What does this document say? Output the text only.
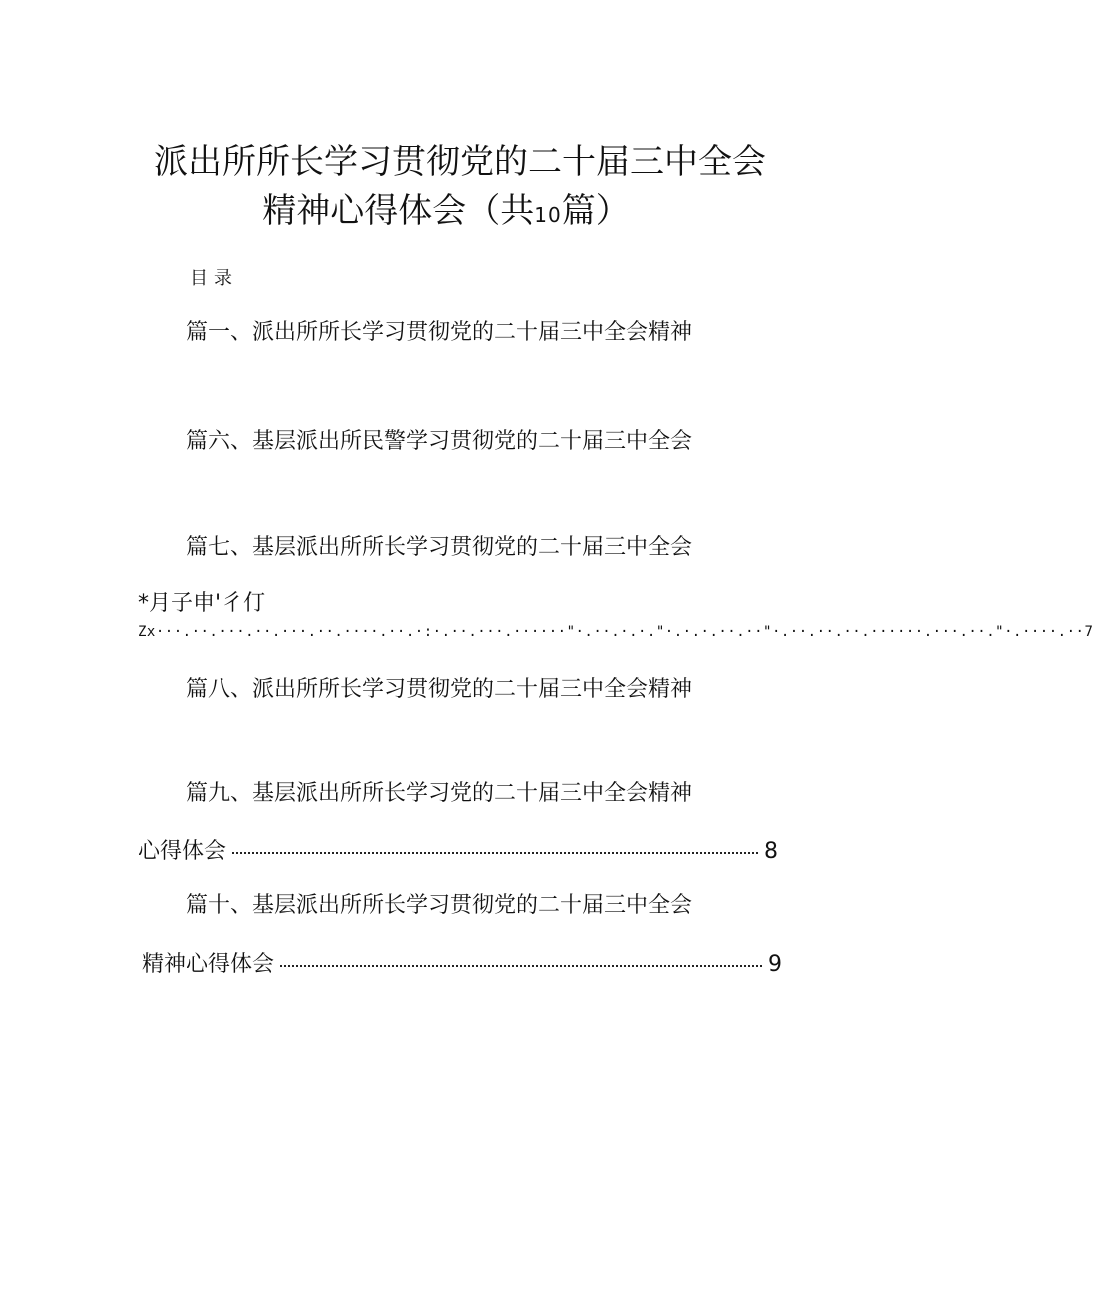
派出所所长学习贯彻党的二十届三中全会
精神心得体会（共10篇）
目录
篇一、派出所所长学习贯彻党的二十届三中全会精神
篇六、基层派出所民警学习贯彻党的二十届三中全会
篇七、基层派出所所长学习贯彻党的二十届三中全会
*月子申'彳仃
Zx···.··.···.··.···.··.····.··.·:·.··.···.······"·.··.·.·."·.·.·.··.··"·.··.··.··.······.···.··."·.····.··7
篇八、派出所所长学习贯彻党的二十届三中全会精神
篇九、基层派出所所长学习党的二十届三中全会精神
心得体会	8
篇十、基层派出所所长学习贯彻党的二十届三中全会
精神心得体会	9
